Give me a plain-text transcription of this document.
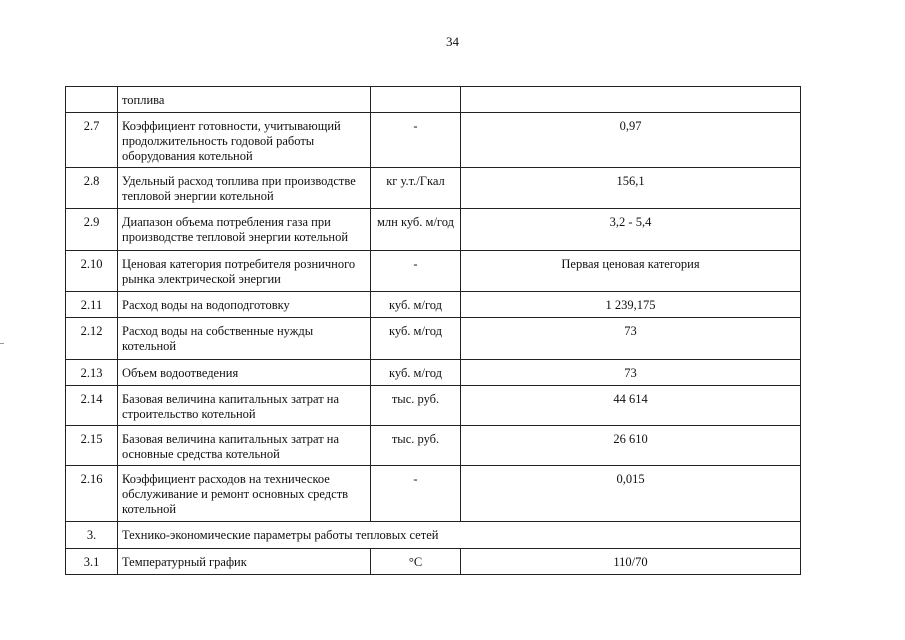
34
	топлива		
2.7	Коэффициент готовности, учитывающий продолжительность годовой работы оборудования котельной	-	0,97
2.8	Удельный расход топлива при производстве тепловой энергии котельной	кг у.т./Гкал	156,1
2.9	Диапазон объема потребления газа при производстве тепловой энергии котельной	млн куб. м/год	3,2 - 5,4
2.10	Ценовая категория потребителя розничного рынка электрической энергии	-	Первая ценовая категория
2.11	Расход воды на водоподготовку	куб. м/год	1 239,175
2.12	Расход воды на собственные нужды котельной	куб. м/год	73
2.13	Объем водоотведения	куб. м/год	73
2.14	Базовая величина капитальных затрат на строительство котельной	тыс. руб.	44 614
2.15	Базовая величина капитальных затрат на основные средства котельной	тыс. руб.	26 610
2.16	Коэффициент расходов на техническое обслуживание и ремонт основных средств котельной	-	0,015
3.	Технико-экономические параметры работы тепловых сетей		
3.1	Температурный график	°C	110/70
